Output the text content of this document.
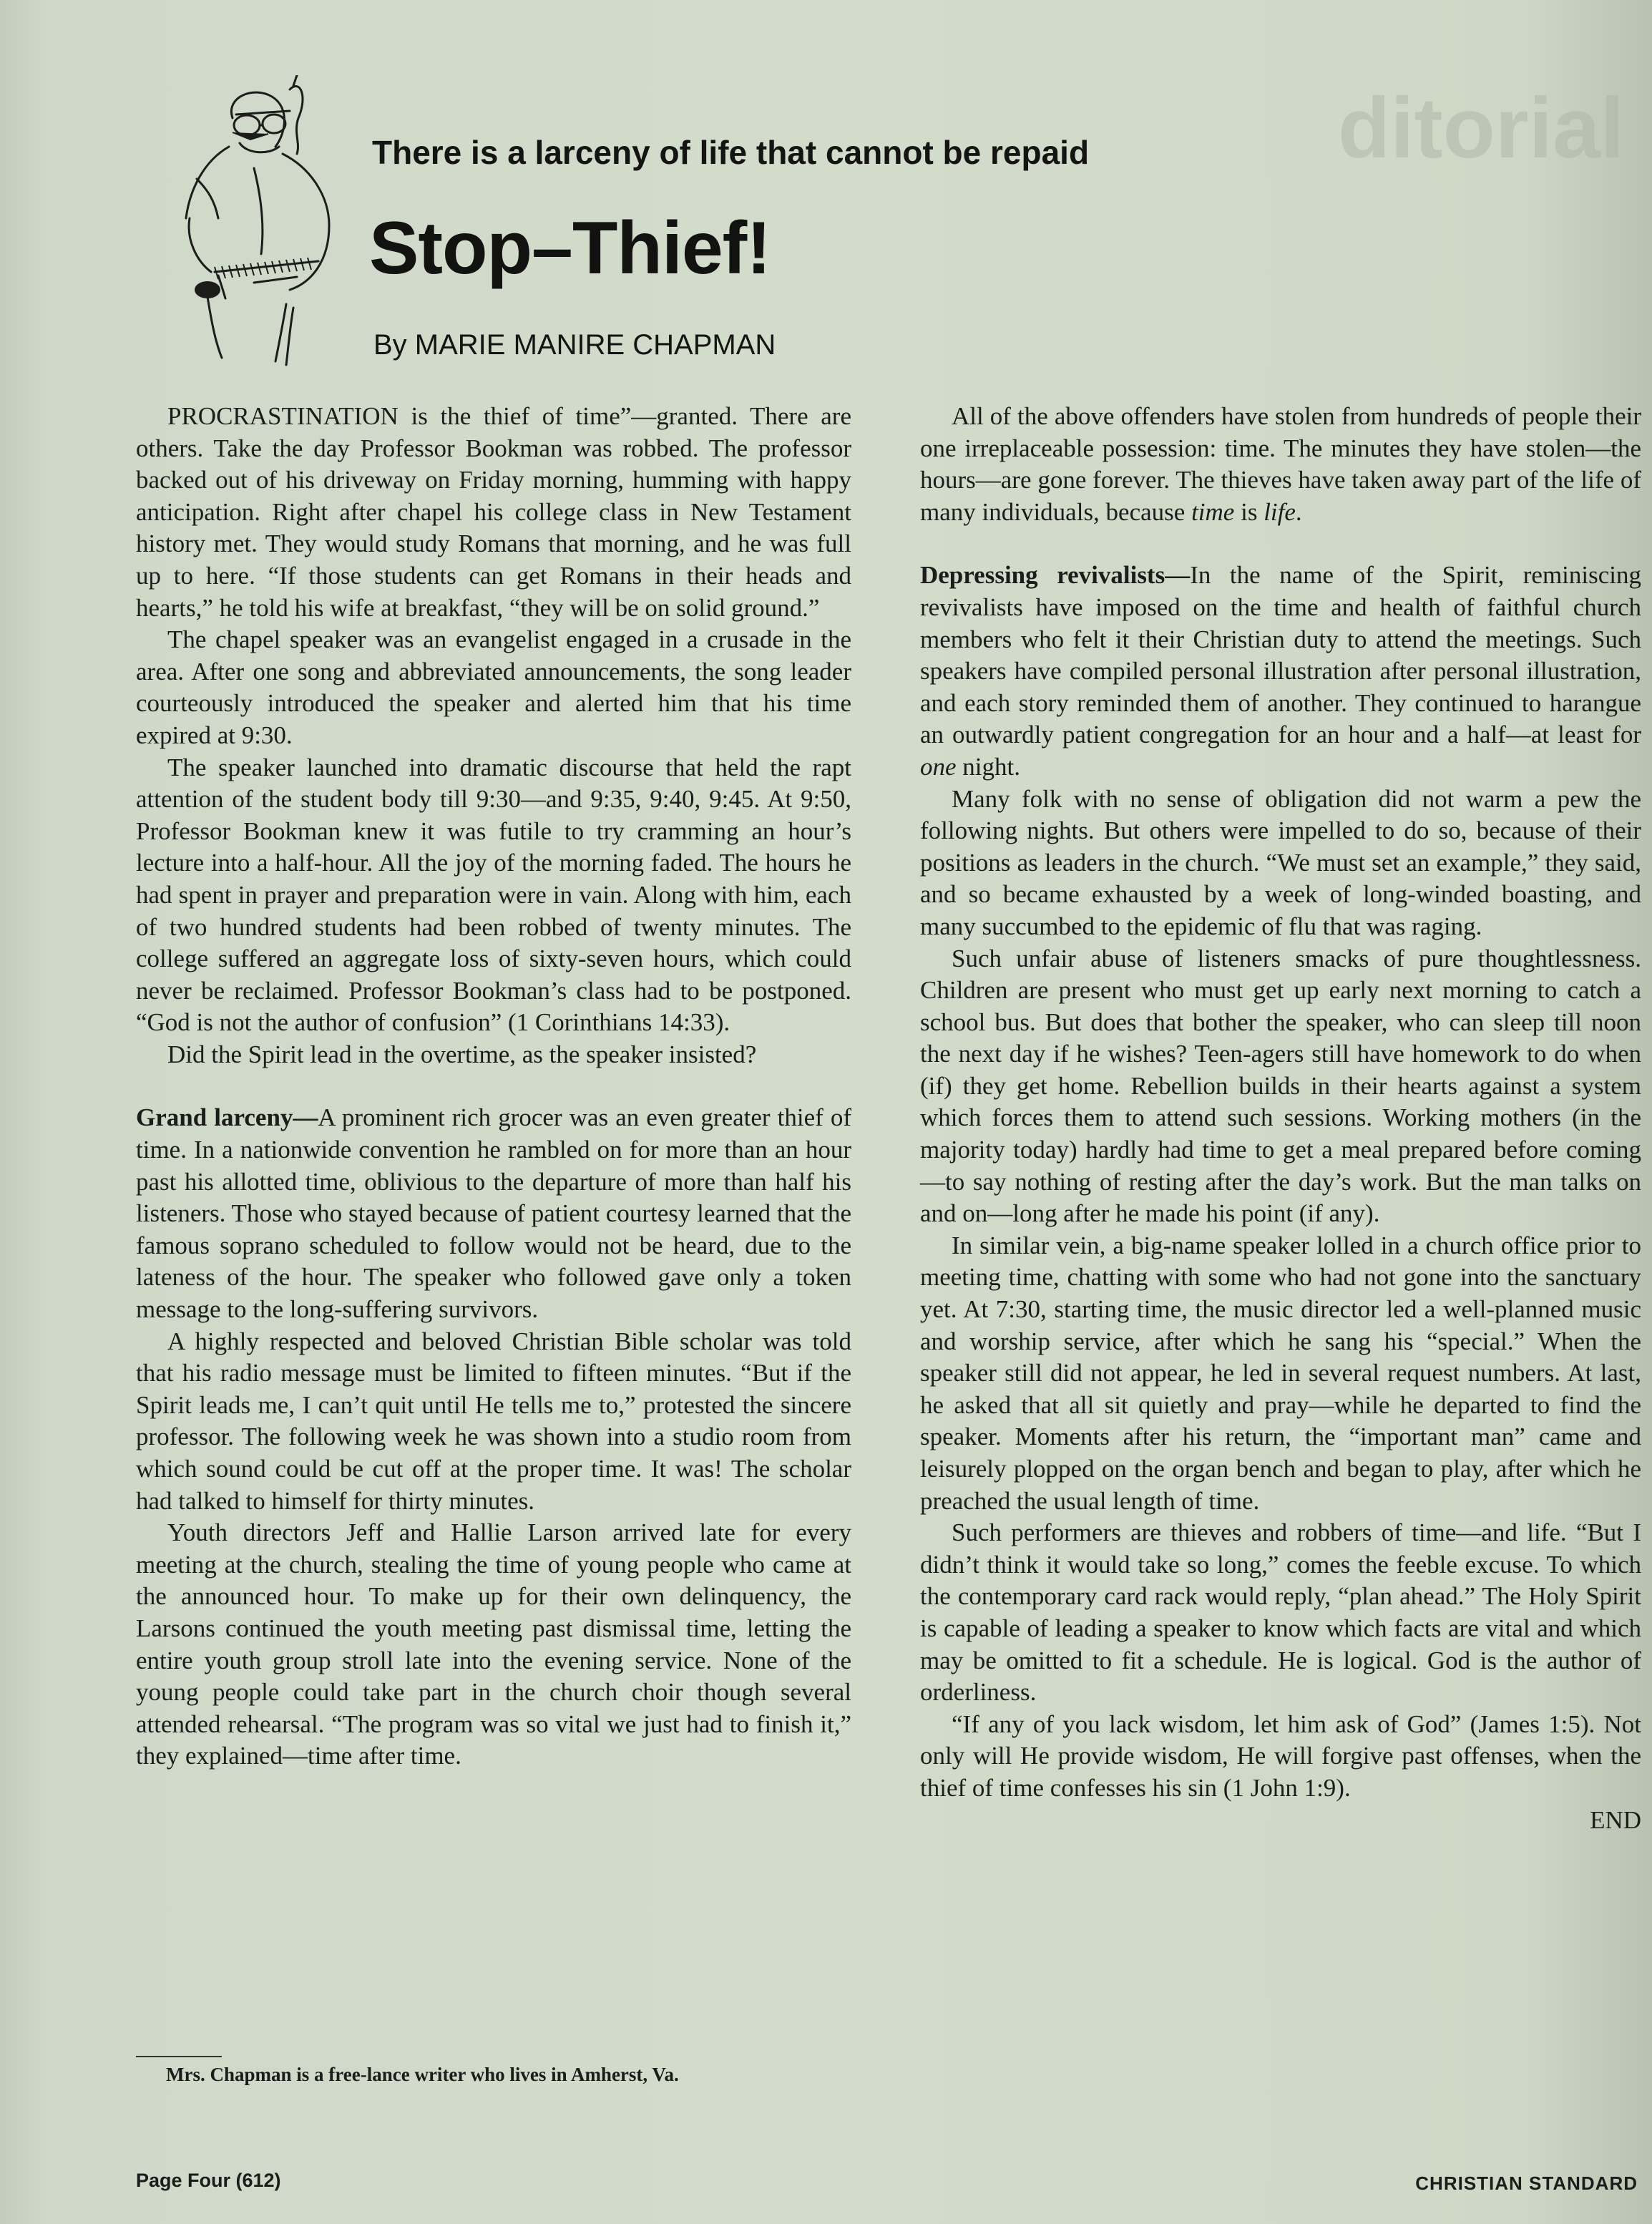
ditorial
There is a larceny of life that cannot be repaid
Stop–Thief!
By MARIE MANIRE CHAPMAN

PROCRASTINATION is the thief of time”—granted. There are others. Take the day Professor Bookman was robbed. The professor backed out of his driveway on Friday morning, humming with happy anticipation. Right after chapel his college class in New Testament history met. They would study Romans that morning, and he was full up to here. “If those students can get Romans in their heads and hearts,” he told his wife at breakfast, “they will be on solid ground.”

The chapel speaker was an evangelist engaged in a crusade in the area. After one song and abbreviated announcements, the song leader courteously introduced the speaker and alerted him that his time expired at 9:30.

The speaker launched into dramatic discourse that held the rapt attention of the student body till 9:30—and 9:35, 9:40, 9:45. At 9:50, Professor Bookman knew it was futile to try cramming an hour’s lecture into a half-hour. All the joy of the morning faded. The hours he had spent in prayer and preparation were in vain. Along with him, each of two hundred students had been robbed of twenty minutes. The college suffered an aggregate loss of sixty-seven hours, which could never be reclaimed. Professor Bookman’s class had to be postponed. “God is not the author of confusion” (1 Corinthians 14:33).

Did the Spirit lead in the overtime, as the speaker insisted?

Grand larceny—A prominent rich grocer was an even greater thief of time. In a nationwide convention he rambled on for more than an hour past his allotted time, oblivious to the departure of more than half his listeners. Those who stayed because of patient courtesy learned that the famous soprano scheduled to follow would not be heard, due to the lateness of the hour. The speaker who followed gave only a token message to the long-suffering survivors.

A highly respected and beloved Christian Bible scholar was told that his radio message must be limited to fifteen minutes. “But if the Spirit leads me, I can’t quit until He tells me to,” protested the sincere professor. The following week he was shown into a studio room from which sound could be cut off at the proper time. It was! The scholar had talked to himself for thirty minutes.

Youth directors Jeff and Hallie Larson arrived late for every meeting at the church, stealing the time of young people who came at the announced hour. To make up for their own delinquency, the Larsons continued the youth meeting past dismissal time, letting the entire youth group stroll late into the evening service. None of the young people could take part in the church choir though several attended rehearsal. “The program was so vital we just had to finish it,” they explained—time after time.

All of the above offenders have stolen from hundreds of people their one irreplaceable possession: time. The minutes they have stolen—the hours—are gone forever. The thieves have taken away part of the life of many individuals, because time is life.

Depressing revivalists—In the name of the Spirit, reminiscing revivalists have imposed on the time and health of faithful church members who felt it their Christian duty to attend the meetings. Such speakers have compiled personal illustration after personal illustration, and each story reminded them of another. They continued to harangue an outwardly patient congregation for an hour and a half—at least for one night.

Many folk with no sense of obligation did not warm a pew the following nights. But others were impelled to do so, because of their positions as leaders in the church. “We must set an example,” they said, and so became exhausted by a week of long-winded boasting, and many succumbed to the epidemic of flu that was raging.

Such unfair abuse of listeners smacks of pure thoughtlessness. Children are present who must get up early next morning to catch a school bus. But does that bother the speaker, who can sleep till noon the next day if he wishes? Teen-agers still have homework to do when (if) they get home. Rebellion builds in their hearts against a system which forces them to attend such sessions. Working mothers (in the majority today) hardly had time to get a meal prepared before coming—to say nothing of resting after the day’s work. But the man talks on and on—long after he made his point (if any).

In similar vein, a big-name speaker lolled in a church office prior to meeting time, chatting with some who had not gone into the sanctuary yet. At 7:30, starting time, the music director led a well-planned music and worship service, after which he sang his “special.” When the speaker still did not appear, he led in several request numbers. At last, he asked that all sit quietly and pray—while he departed to find the speaker. Moments after his return, the “important man” came and leisurely plopped on the organ bench and began to play, after which he preached the usual length of time.

Such performers are thieves and robbers of time—and life. “But I didn’t think it would take so long,” comes the feeble excuse. To which the contemporary card rack would reply, “plan ahead.” The Holy Spirit is capable of leading a speaker to know which facts are vital and which may be omitted to fit a schedule. He is logical. God is the author of orderliness.

“If any of you lack wisdom, let him ask of God” (James 1:5). Not only will He provide wisdom, He will forgive past offenses, when the thief of time confesses his sin (1 John 1:9).

END
Mrs. Chapman is a free-lance writer who lives in Amherst, Va.
Page Four (612)	CHRISTIAN STANDARD
